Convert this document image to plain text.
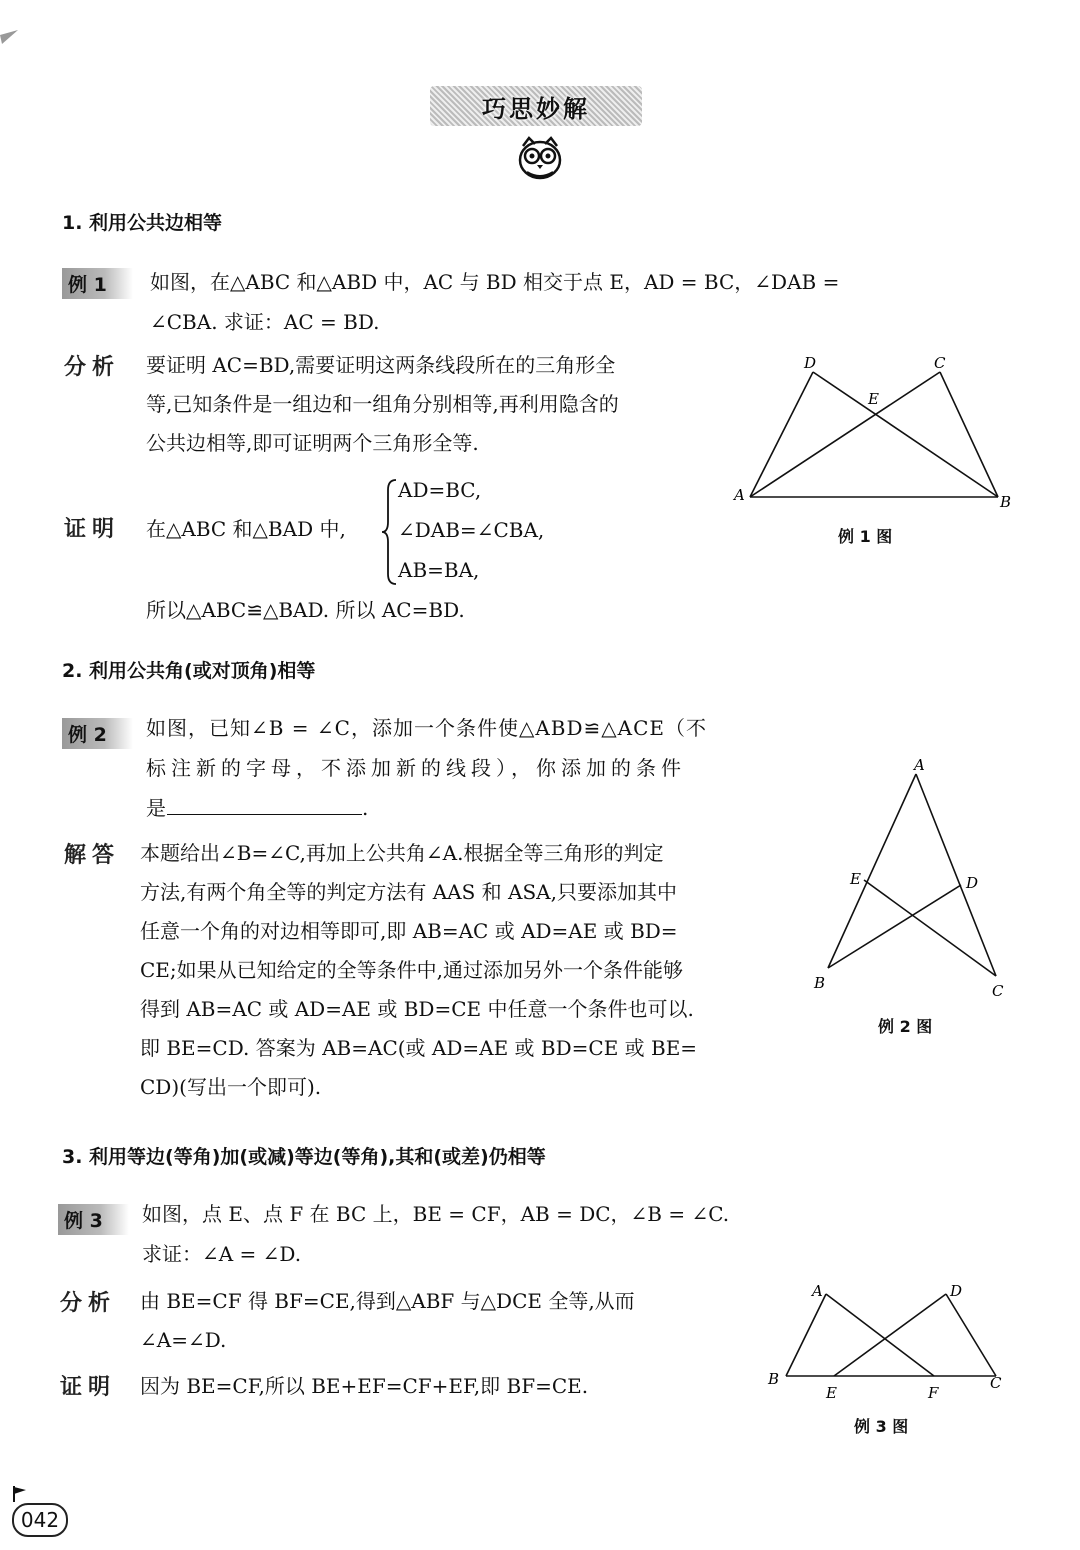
巧思妙解
1. 利用公共边相等
例 1	如图，在△ABC 和△ABD 中，AC 与 BD 相交于点 E，AD = BC，∠DAB =
∠CBA. 求证：AC = BD.
分析 要证明 AC=BD,需要证明这两条线段所在的三角形全
等,已知条件是一组边和一组角分别相等,再利用隐含的
公共边相等,即可证明两个三角形全等.
证明 在△ABC 和△BAD 中,
AD=BC,
∠DAB=∠CBA,
AB=BA,
所以△ABC≌△BAD. 所以 AC=BD.
A	B
C
D
E
例 1 图
2. 利用公共角(或对顶角)相等
例 2	如图，已知∠B = ∠C，添加一个条件使△ABD≌△ACE（不
标注新的字母，不添加新的线段），你添加的条件
是	.
解答 本题给出∠B=∠C,再加上公共角∠A.根据全等三角形的判定
方法,有两个角全等的判定方法有 AAS 和 ASA,只要添加其中
任意一个角的对边相等即可,即 AB=AC 或 AD=AE 或 BD=
CE;如果从已知给定的全等条件中,通过添加另外一个条件能够
得到 AB=AC 或 AD=AE 或 BD=CE 中任意一个条件也可以.
即 BE=CD. 答案为 AB=AC(或 AD=AE 或 BD=CE 或 BE=
CD)(写出一个即可).
A
B	C
D
E
例 2 图
3. 利用等边(等角)加(或减)等边(等角),其和(或差)仍相等
例 3	如图，点 E、点 F 在 BC 上，BE = CF，AB = DC，∠B = ∠C.
求证：∠A = ∠D.
分析 由 BE=CF 得 BF=CE,得到△ABF 与△DCE 全等,从而
∠A=∠D.
证明 因为 BE=CF,所以 BE+EF=CF+EF,即 BF=CE.
A
B	C
D
E	F
例 3 图
042
